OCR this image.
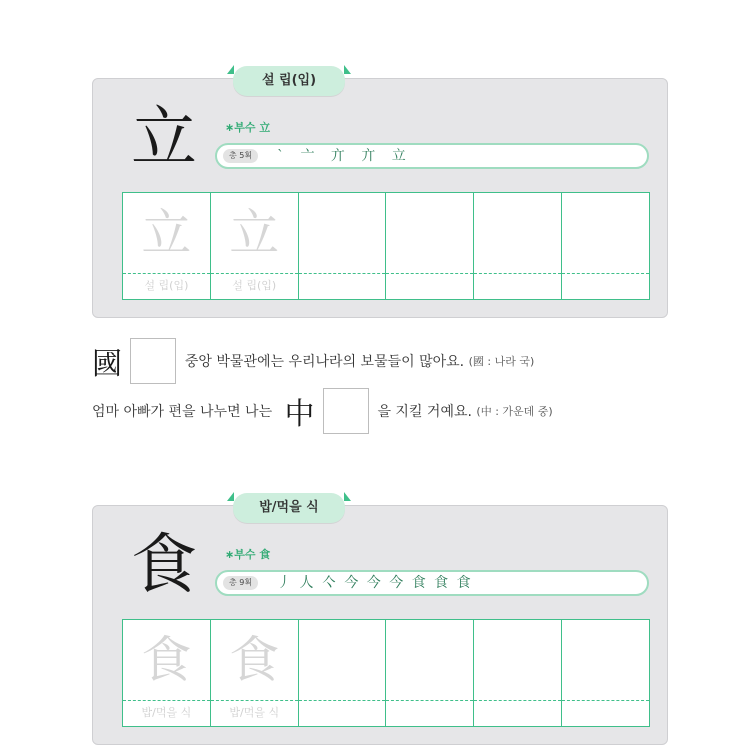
설 립(입)
立	∗부수 立
총 5획	` 亠 亣 亣 立
立
설 립(입)
立
설 립(입)
國	중앙 박물관에는 우리나라의 보물들이 많아요. (國 : 나라 국)
엄마 아빠가 편을 나누면 나는 中	을 지킬 거예요. (中 : 가운데 중)
밥/먹을 식
食	∗부수 食
총 9획	丿 人 亽 今 今 今 食 食 食
食
밥/먹을 식
食
밥/먹을 식
